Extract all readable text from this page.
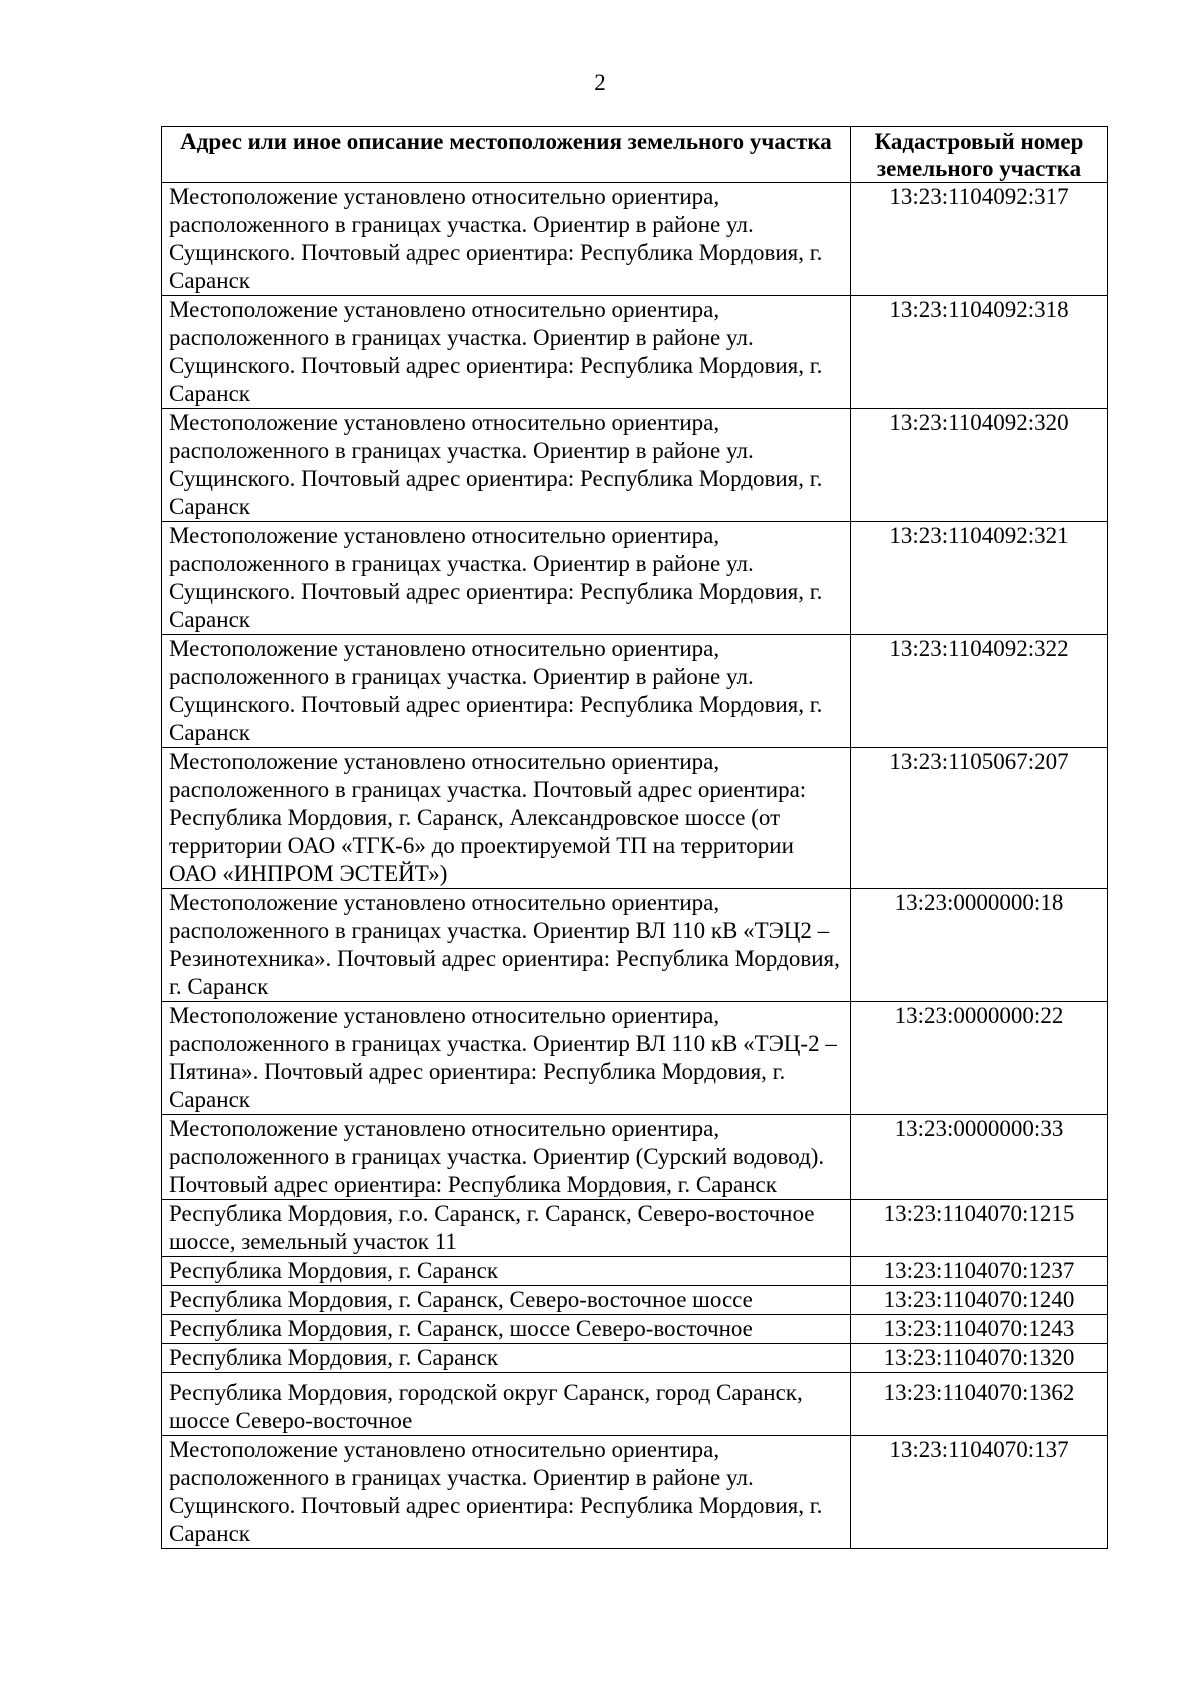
2
Адрес или иное описание местоположения земельного участка	Кадастровый номер земельного участка
Местоположение установлено относительно ориентира, расположенного в границах участка. Ориентир в районе ул. Сущинского. Почтовый адрес ориентира: Республика Мордовия, г. Саранск	13:23:1104092:317
Местоположение установлено относительно ориентира, расположенного в границах участка. Ориентир в районе ул. Сущинского. Почтовый адрес ориентира: Республика Мордовия, г. Саранск	13:23:1104092:318
Местоположение установлено относительно ориентира, расположенного в границах участка. Ориентир в районе ул. Сущинского. Почтовый адрес ориентира: Республика Мордовия, г. Саранск	13:23:1104092:320
Местоположение установлено относительно ориентира, расположенного в границах участка. Ориентир в районе ул. Сущинского. Почтовый адрес ориентира: Республика Мордовия, г. Саранск	13:23:1104092:321
Местоположение установлено относительно ориентира, расположенного в границах участка. Ориентир в районе ул. Сущинского. Почтовый адрес ориентира: Республика Мордовия, г. Саранск	13:23:1104092:322
Местоположение установлено относительно ориентира, расположенного в границах участка. Почтовый адрес ориентира: Республика Мордовия, г. Саранск, Александровское шоссе (от территории ОАО «ТГК-6» до проектируемой ТП на территории ОАО «ИНПРОМ ЭСТЕЙТ»)	13:23:1105067:207
Местоположение установлено относительно ориентира, расположенного в границах участка. Ориентир ВЛ 110 кВ «ТЭЦ2 – Резинотехника». Почтовый адрес ориентира: Республика Мордовия, г. Саранск	13:23:0000000:18
Местоположение установлено относительно ориентира, расположенного в границах участка. Ориентир ВЛ 110 кВ «ТЭЦ-2 – Пятина». Почтовый адрес ориентира: Республика Мордовия, г. Саранск	13:23:0000000:22
Местоположение установлено относительно ориентира, расположенного в границах участка. Ориентир (Сурский водовод). Почтовый адрес ориентира: Республика Мордовия, г. Саранск	13:23:0000000:33
Республика Мордовия, г.о. Саранск, г. Саранск, Северо-восточное шоссе, земельный участок 11	13:23:1104070:1215
Республика Мордовия, г. Саранск	13:23:1104070:1237
Республика Мордовия, г. Саранск, Северо-восточное шоссе	13:23:1104070:1240
Республика Мордовия, г. Саранск, шоссе Северо-восточное	13:23:1104070:1243
Республика Мордовия, г. Саранск	13:23:1104070:1320
Республика Мордовия, городской округ Саранск, город Саранск, шоссе Северо-восточное	13:23:1104070:1362
Местоположение установлено относительно ориентира, расположенного в границах участка. Ориентир в районе ул. Сущинского. Почтовый адрес ориентира: Республика Мордовия, г. Саранск	13:23:1104070:137
